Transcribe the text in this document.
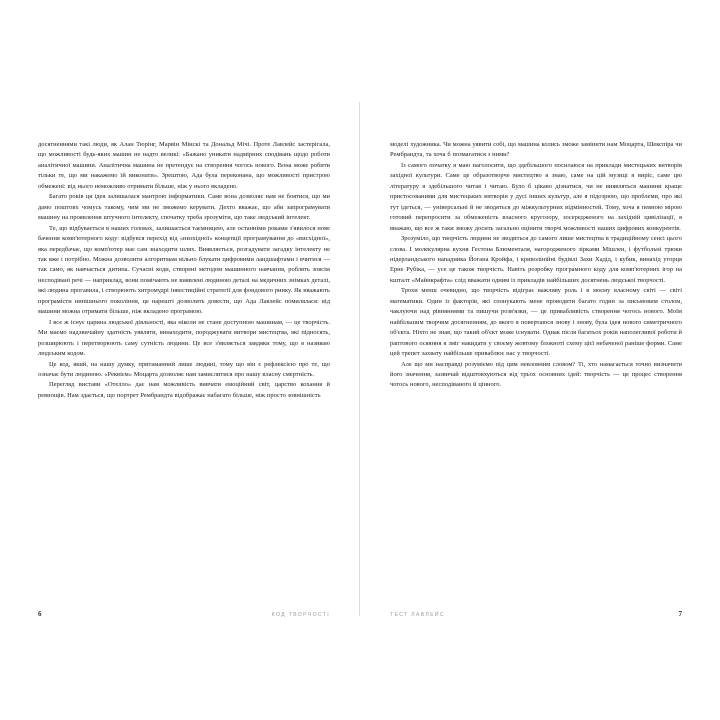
досягненнями такі люди, як Алан Тюрінг, Марвін Мінскі та Дональд Мічі. Проте Лавлейс застерігала, що можливості будь-яких машин не надто великі: «Бажано уникати надмірних сподівань щодо роботи аналітичної машини. Аналітична машина не претендує на створення чогось нового. Вона може робити тільки те, що ми накажемо їй виконати». Зрештою, Ада була переконана, що можливості пристрою обмежені: від нього неможливо отримати більше, ніж у нього вкладено.

Багато років ця ідея залишалася мантрою інформатики. Саме вона дозволяє нам не боятися, що ми дамо поштовх чомусь такому, чим ми не зможемо керувати. Дехто вважає, що аби запрограмувати машину на проявлення штучного інтелекту, спочатку треба зрозуміти, що таке людський інтелект.

Те, що відбувається в наших головах, залишається таємницею, але останніми роками з'явилося нове бачення комп'ютерного коду: відбувся перехід від «низхідної» концепції програмування до «висхідної», яка передбачає, що комп'ютер має сам знаходити шлях. Виявляється, розгадувати загадку інтелекту не так вже і потрібно. Можна дозволити алгоритмам вільно блукати цифровими ландшафтами і вчитися — так само, як навчається дитина. Сучасні коди, створені методом машинного навчання, роблять зовсім несподівані речі — наприклад, вони помічають не виявлені людиною деталі на медичних знімках деталі, які людина прогавила, і створюють хитромудрі інвестиційні стратегії для фондового ринку. Як вважають програмісти нинішнього покоління, це нарешті дозволить довести, що Ада Лавлейс помилялася: від машини можна отримати більше, ніж вкладено програмою.

І все ж існує царина людської діяльності, яка ніколи не стане доступною машинам, — це творчість. Ми маємо надзвичайну здатність уявляти, винаходити, породжувати витвори мистецтва, які підносять, розширюють і перетворюють саму сутність людини. Це все з'являється завдяки тому, що я називаю людським кодом.

Це код, який, на нашу думку, притаманний лише людині, тому що він є рефлексією про те, що означає бути людиною. «Реквієм» Моцарта дозволяє нам замислитися про нашу власну смертність.

Перегляд вистави «Отелло» дає нам можливість вивчати емоційний світ, царство кохання й ревнощів. Нам здається, що портрет Рембрандта відображає набагато більше, ніж просто зовнішність

6	КОД ТВОРЧОСТІ

моделі художника. Чи можна уявити собі, що машина колись зможе замінити нам Моцарта, Шекспіра чи Рембрандта, та хоча б позмагатися з ними?

Із самого початку я маю наголосити, що здебільшого посилаюся на приклади мистецьких витворів західної культури. Саме це образотворче мистецтво я знаю, саме на цій музиці я виріс, саме цю літературу я здебільшого читав і читаю. Було б цікаво дізнатися, чи не виявляться машини краще пристосованими для мистецьких витворів у дусі інших культур, але я підозрюю, що проблеми, про які тут ідеться, — універсальні й не зводяться до міжкультурних відмінностей. Тому, хоча я певною мірою готовий перепросити за обмеженість власного кругозору, зосередженого на західній цивілізації, я вважаю, що все ж таки зможу досить загально оцінити творчі можливості наших цифрових конкурентів.

Зрозуміло, що творчість людини не зводиться до самого лише мистецтва в традиційному сенсі цього слова. І молекулярна кухня Гестона Блюменталя, нагородженого зірками Мішлен, і футбольні трюки нідерландського нападника Йогана Кройфа, і криволінійні будівлі Захи Хадід, і кубик, винахід угорця Ерне Рубіка, — усе це також творчість. Навіть розробку програмного коду для комп'ютерних ігор на кшталт «Майнкрафта» слід вважати одним із прикладів найбільших досягнень людської творчості.

Трохи менш очевидно, що творчість відіграє важливу роль і в моєму власному світі — світі математики. Один із факторів, які спонукають мене проводити багато годин за письмовим столом, чаклуючи над рівняннями та пишучи розв'язки, — це привабливість створення чогось нового. Моїм найбільшим творчим досягненням, до якого я повертаюся знову і знову, була ідея нового симетричного об'єкта. Ніхто не знав, що такий об'єкт може існувати. Однак після багатьох років наполегливої роботи й раптового осяяння я зміг накидати у своєму жовтому блокноті схему цієї небаченої раніше форми. Саме цей трепет захвату найбільше приваблює нас у творчості.

Але що ми насправді розуміємо під цим невловним словом? Ті, хто намагається точно визначити його значення, зазвичай відштовхуються від трьох основних ідей: творчість — це процес створення чогось нового, несподіваного й цінного.

ТЕСТ ЛАВЛЕЙС	7
